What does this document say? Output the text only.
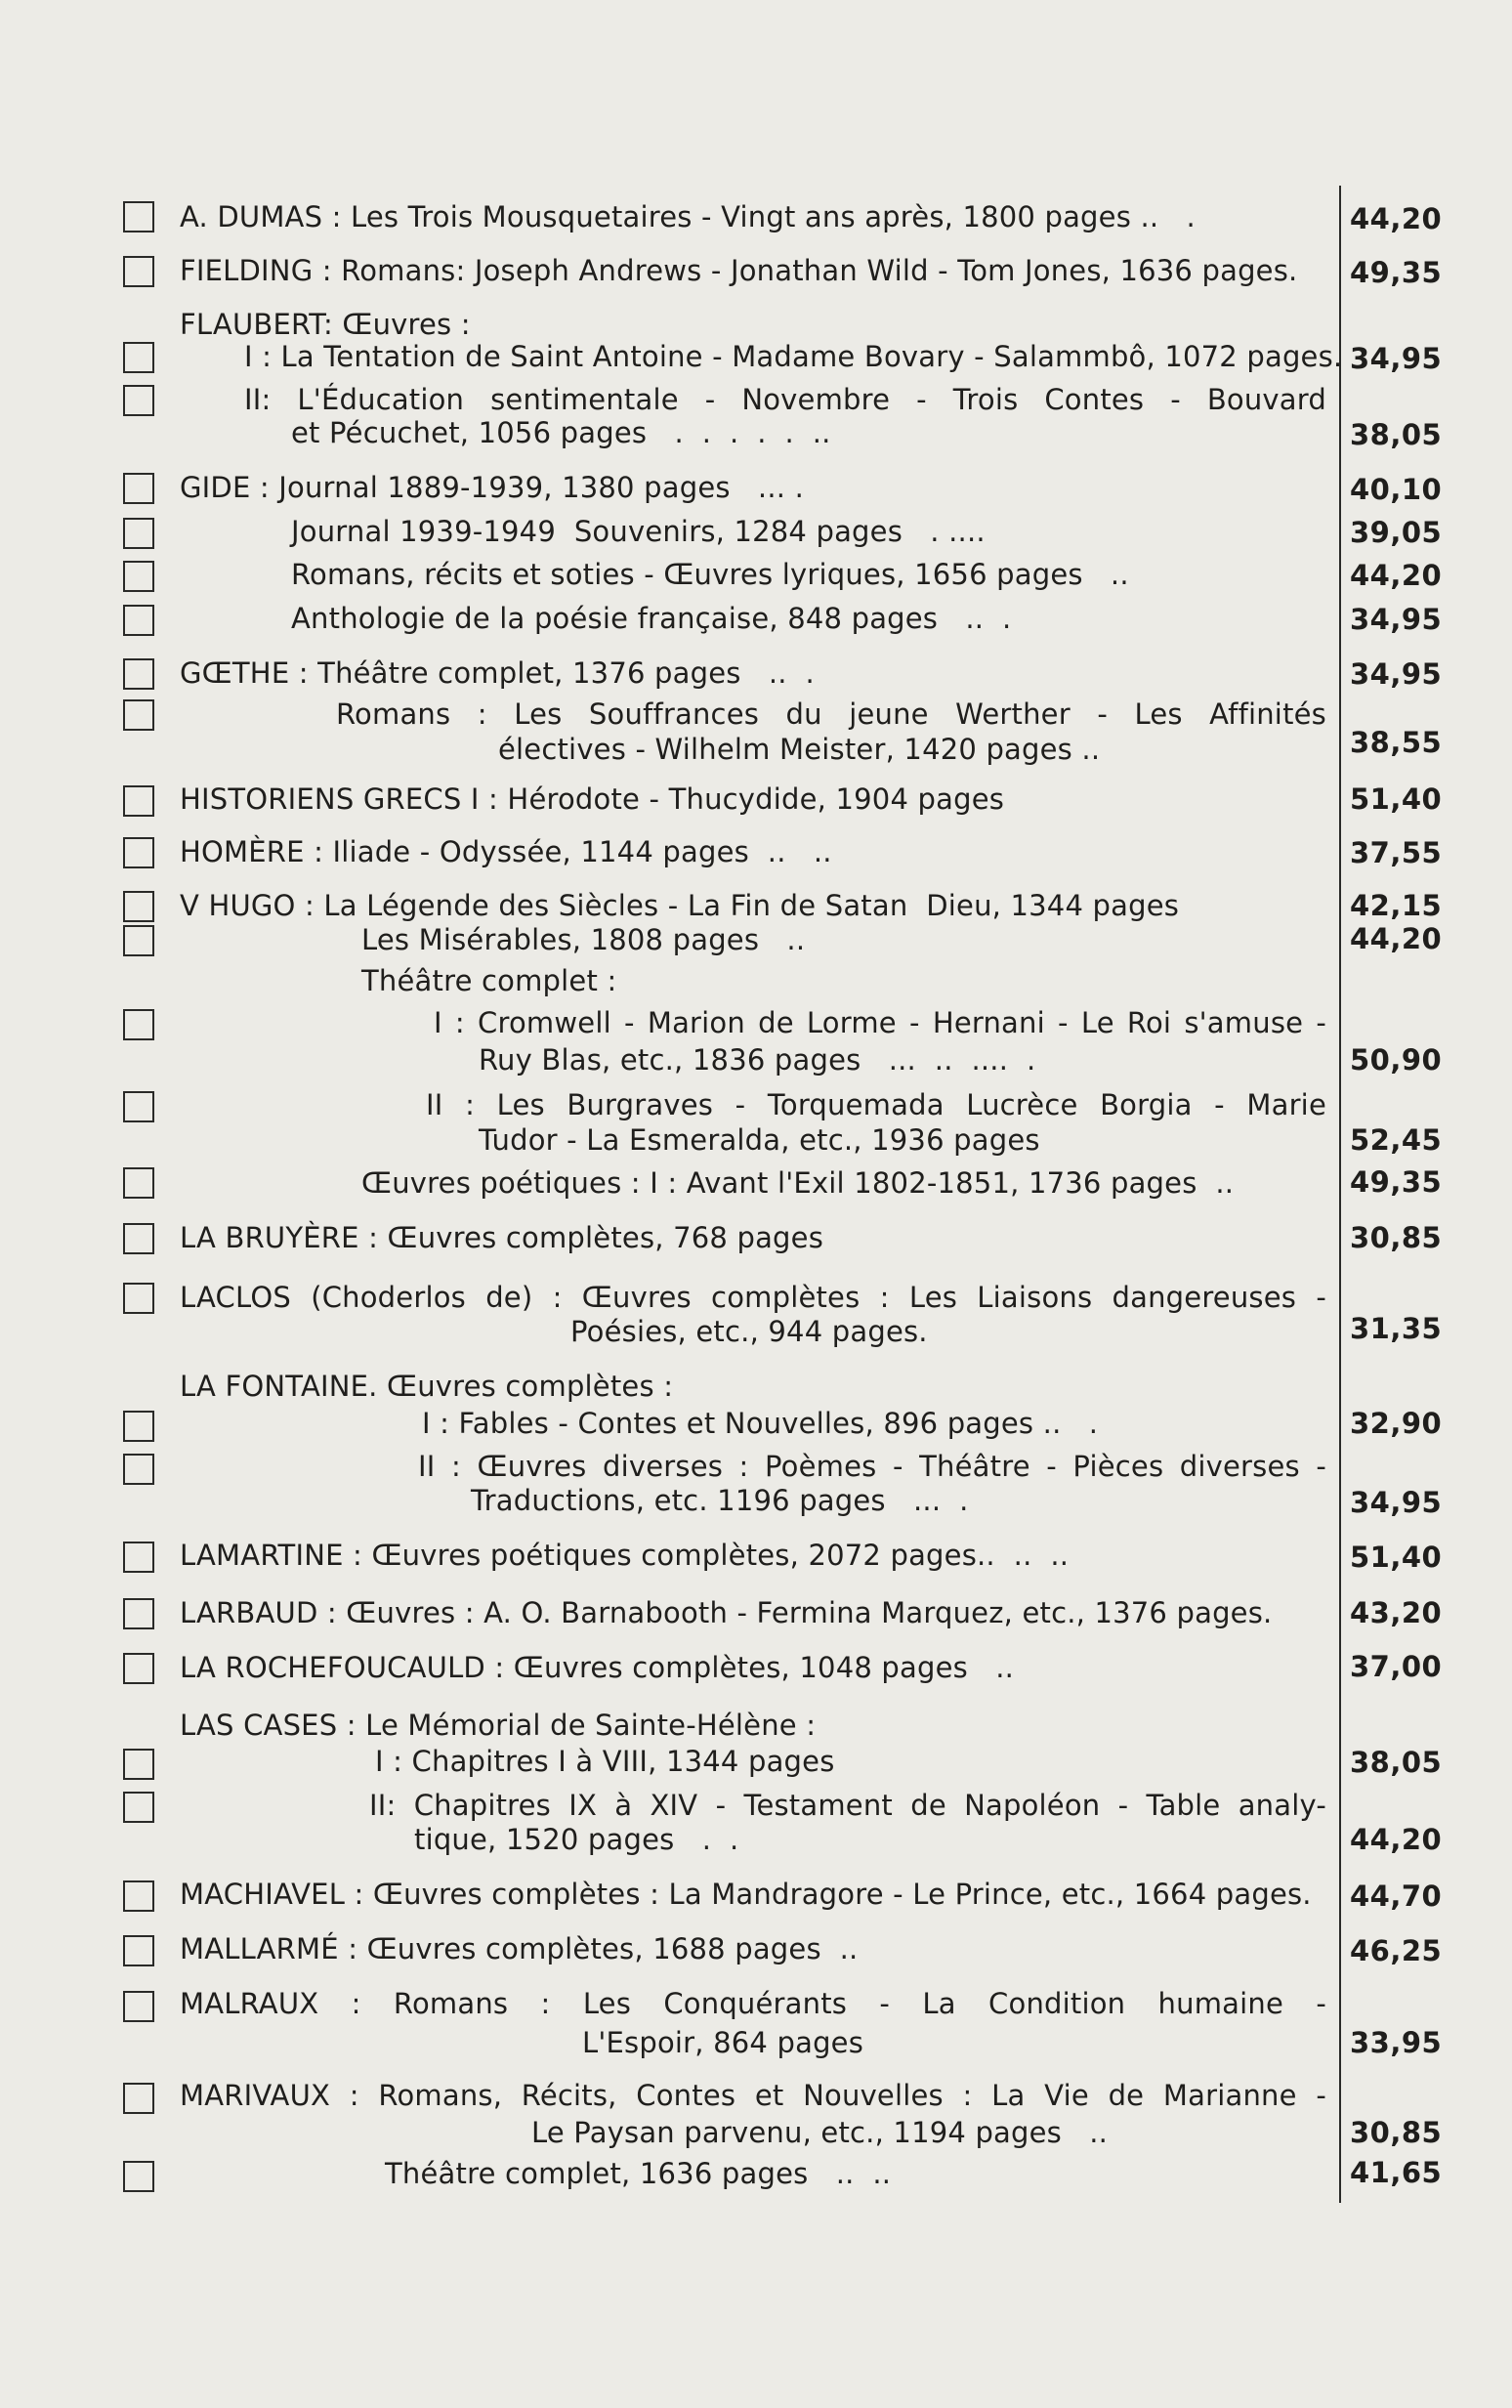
A. DUMAS : Les Trois Mousquetaires - Vingt ans après, 1800 pages ..   .	44,20
FIELDING : Romans: Joseph Andrews - Jonathan Wild - Tom Jones, 1636 pages. 49,35
FLAUBERT: Œuvres :
I : La Tentation de Saint Antoine - Madame Bovary - Salammbô, 1072 pages. 34,95
II: L'Éducation sentimentale - Novembre - Trois Contes - Bouvard
et Pécuchet, 1056 pages   .  .  .  .  .  ..	38,05
GIDE : Journal 1889-1939, 1380 pages   ... .	40,10
Journal 1939-1949  Souvenirs, 1284 pages   . ....	39,05
Romans, récits et soties - Œuvres lyriques, 1656 pages   ..	44,20
Anthologie de la poésie française, 848 pages   ..  .	34,95
GŒTHE : Théâtre complet, 1376 pages   ..  .	34,95
Romans : Les Souffrances du jeune Werther - Les Affinités
électives - Wilhelm Meister, 1420 pages ..	38,55
HISTORIENS GRECS I : Hérodote - Thucydide, 1904 pages	51,40
HOMÈRE : Iliade - Odyssée, 1144 pages  ..   ..	37,55
V HUGO : La Légende des Siècles - La Fin de Satan  Dieu, 1344 pages	42,15
Les Misérables, 1808 pages   ..	44,20
Théâtre complet :
I : Cromwell - Marion de Lorme - Hernani - Le Roi s'amuse -
Ruy Blas, etc., 1836 pages   ...  ..  ....  .	50,90
II : Les Burgraves - Torquemada Lucrèce Borgia - Marie
Tudor - La Esmeralda, etc., 1936 pages	52,45
Œuvres poétiques : I : Avant l'Exil 1802-1851, 1736 pages  ..	49,35
LA BRUYÈRE : Œuvres complètes, 768 pages	30,85
LACLOS (Choderlos de) : Œuvres complètes : Les Liaisons dangereuses -
Poésies, etc., 944 pages.	31,35
LA FONTAINE. Œuvres complètes :
I : Fables - Contes et Nouvelles, 896 pages ..   .	32,90
II : Œuvres diverses : Poèmes - Théâtre - Pièces diverses -
Traductions, etc. 1196 pages   ...  .	34,95
LAMARTINE : Œuvres poétiques complètes, 2072 pages..  ..  ..	51,40
LARBAUD : Œuvres : A. O. Barnabooth - Fermina Marquez, etc., 1376 pages.	43,20
LA ROCHEFOUCAULD : Œuvres complètes, 1048 pages   ..	37,00
LAS CASES : Le Mémorial de Sainte-Hélène :
I : Chapitres I à VIII, 1344 pages	38,05
II: Chapitres IX à XIV - Testament de Napoléon - Table analy-
tique, 1520 pages   .  .	44,20
MACHIAVEL : Œuvres complètes : La Mandragore - Le Prince, etc., 1664 pages. 44,70
MALLARMÉ : Œuvres complètes, 1688 pages  ..	46,25
MALRAUX : Romans : Les Conquérants - La Condition humaine -
L'Espoir, 864 pages	33,95
MARIVAUX : Romans, Récits, Contes et Nouvelles : La Vie de Marianne -
Le Paysan parvenu, etc., 1194 pages   ..	30,85
Théâtre complet, 1636 pages   ..  ..	41,65
